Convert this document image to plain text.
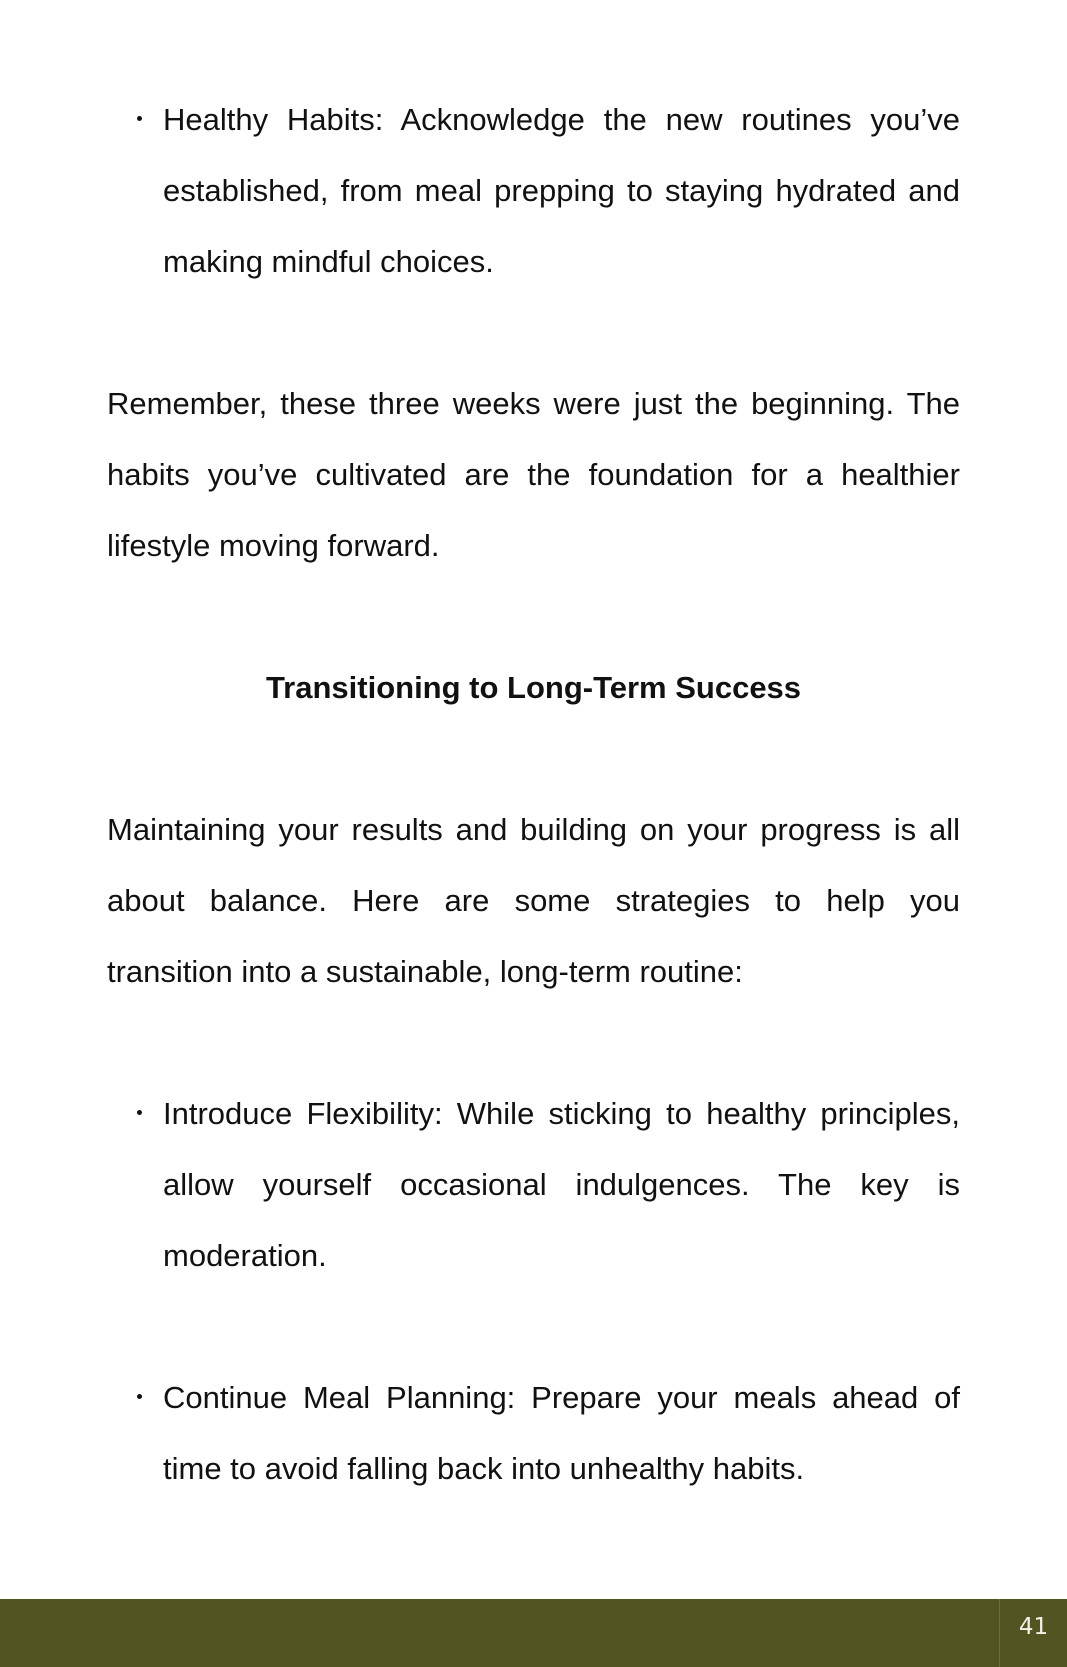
Healthy Habits: Acknowledge the new routines you’ve established, from meal prepping to staying hydrated and making mindful choices.

Remember, these three weeks were just the beginning. The habits you’ve cultivated are the foundation for a healthier lifestyle moving forward.

Transitioning to Long-Term Success

Maintaining your results and building on your progress is all about balance. Here are some strategies to help you transition into a sustainable, long-term routine:

Introduce Flexibility: While sticking to healthy principles, allow yourself occasional indulgences. The key is moderation.

Continue Meal Planning: Prepare your meals ahead of time to avoid falling back into unhealthy habits.

41
